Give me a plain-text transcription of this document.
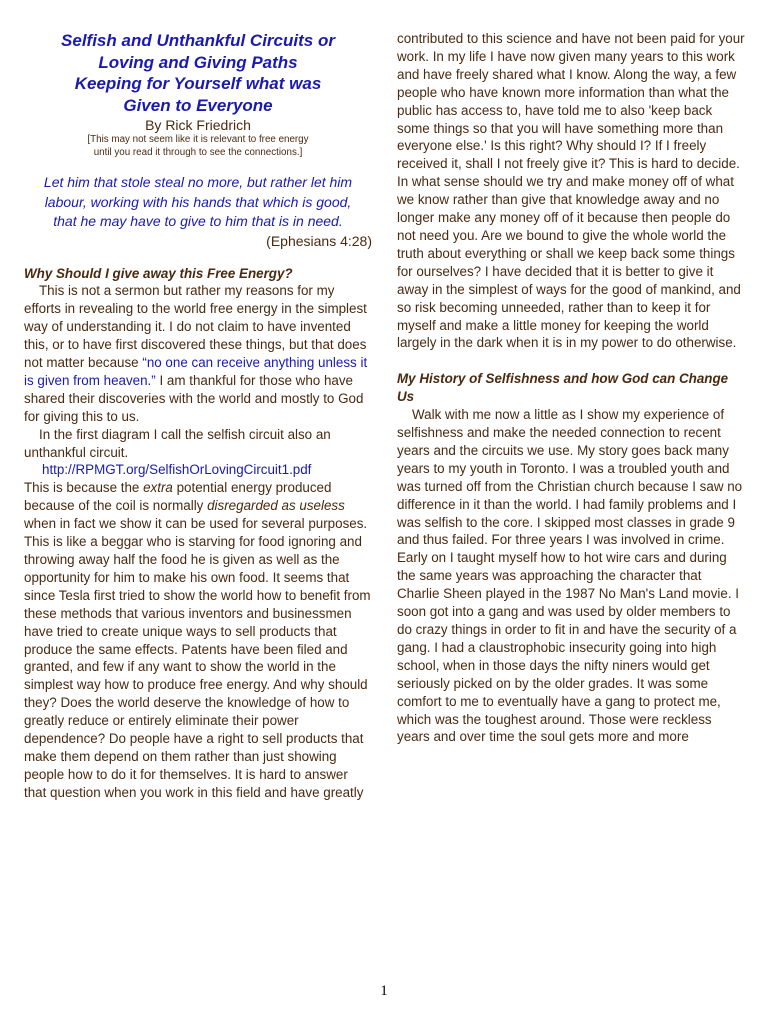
Selfish and Unthankful Circuits or
Loving and Giving Paths
Keeping for Yourself what was
Given to Everyone

By Rick Friedrich

[This may not seem like it is relevant to free energy
until you read it through to see the connections.]

Let him that stole steal no more, but rather let him
labour, working with his hands that which is good,
that he may have to give to him that is in need.

(Ephesians 4:28)

Why Should I give away this Free Energy?

This is not a sermon but rather my reasons for my efforts in revealing to the world free energy in the simplest way of understanding it. I do not claim to have invented this, or to have first discovered these things, but that does not matter because “no one can receive anything unless it is given from heaven.” I am thankful for those who have shared their discoveries with the world and mostly to God for giving this to us.

In the first diagram I call the selfish circuit also an unthankful circuit.

http://RPMGT.org/SelfishOrLovingCircuit1.pdf

This is because the extra potential energy produced because of the coil is normally disregarded as useless when in fact we show it can be used for several purposes. This is like a beggar who is starving for food ignoring and throwing away half the food he is given as well as the opportunity for him to make his own food. It seems that since Tesla first tried to show the world how to benefit from these methods that various inventors and businessmen have tried to create unique ways to sell products that produce the same effects. Patents have been filed and granted, and few if any want to show the world in the simplest way how to produce free energy. And why should they? Does the world deserve the knowledge of how to greatly reduce or entirely eliminate their power dependence? Do people have a right to sell products that make them depend on them rather than just showing people how to do it for themselves. It is hard to answer that question when you work in this field and have greatly

contributed to this science and have not been paid for your work. In my life I have now given many years to this work and have freely shared what I know. Along the way, a few people who have known more information than what the public has access to, have told me to also 'keep back some things so that you will have something more than everyone else.' Is this right? Why should I? If I freely received it, shall I not freely give it? This is hard to decide. In what sense should we try and make money off of what we know rather than give that knowledge away and no longer make any money off of it because then people do not need you. Are we bound to give the whole world the truth about everything or shall we keep back some things for ourselves? I have decided that it is better to give it away in the simplest of ways for the good of mankind, and so risk becoming unneeded, rather than to keep it for myself and make a little money for keeping the world largely in the dark when it is in my power to do otherwise.

My History of Selfishness and how God can Change Us

Walk with me now a little as I show my experience of selfishness and make the needed connection to recent years and the circuits we use. My story goes back many years to my youth in Toronto. I was a troubled youth and was turned off from the Christian church because I saw no difference in it than the world. I had family problems and I was selfish to the core. I skipped most classes in grade 9 and thus failed. For three years I was involved in crime. Early on I taught myself how to hot wire cars and during the same years was approaching the character that Charlie Sheen played in the 1987 No Man's Land movie. I soon got into a gang and was used by older members to do crazy things in order to fit in and have the security of a gang. I had a claustrophobic insecurity going into high school, when in those days the nifty niners would get seriously picked on by the older grades. It was some comfort to me to eventually have a gang to protect me, which was the toughest around. Those were reckless years and over time the soul gets more and more

1
